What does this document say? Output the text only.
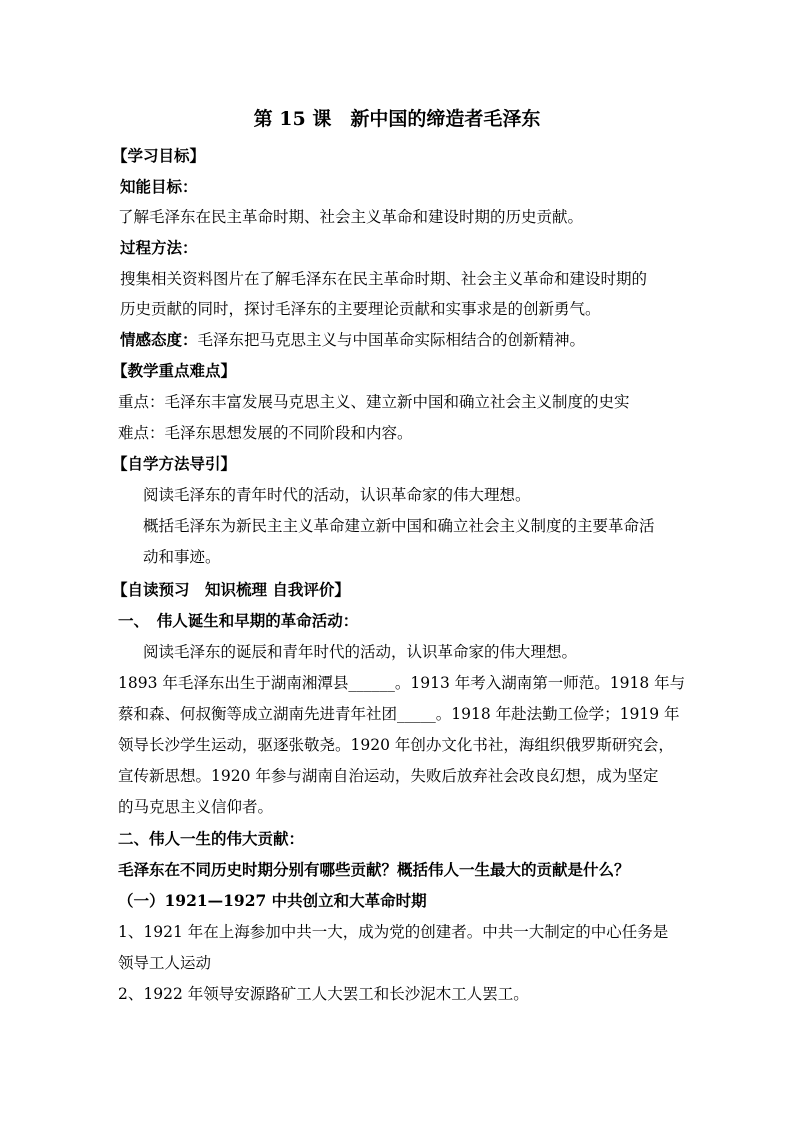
第 15 课　新中国的缔造者毛泽东
【学习目标】
知能目标：
了解毛泽东在民主革命时期、社会主义革命和建设时期的历史贡献。
过程方法：
搜集相关资料图片在了解毛泽东在民主革命时期、社会主义革命和建设时期的
历史贡献的同时，探讨毛泽东的主要理论贡献和实事求是的创新勇气。
情感态度：毛泽东把马克思主义与中国革命实际相结合的创新精神。
【教学重点难点】
重点：毛泽东丰富发展马克思主义、建立新中国和确立社会主义制度的史实
难点：毛泽东思想发展的不同阶段和内容。
【自学方法导引】
阅读毛泽东的青年时代的活动，认识革命家的伟大理想。
概括毛泽东为新民主主义革命建立新中国和确立社会主义制度的主要革命活
动和事迹。
【自读预习　知识梳理 自我评价】
一、　伟人诞生和早期的革命活动：
阅读毛泽东的诞辰和青年时代的活动，认识革命家的伟大理想。
1893 年毛泽东出生于湖南湘潭县______。1913 年考入湖南第一师范。1918 年与
蔡和森、何叔衡等成立湖南先进青年社团_____。1918 年赴法勤工俭学；1919 年
领导长沙学生运动，驱逐张敬尧。1920 年创办文化书社，海组织俄罗斯研究会，
宣传新思想。1920 年参与湖南自治运动，失败后放弃社会改良幻想，成为坚定
的马克思主义信仰者。
二、伟人一生的伟大贡献：
毛泽东在不同历史时期分别有哪些贡献？概括伟人一生最大的贡献是什么？
（一）1921—1927 中共创立和大革命时期
1、1921 年在上海参加中共一大，成为党的创建者。中共一大制定的中心任务是
领导工人运动
2、1922 年领导安源路矿工人大罢工和长沙泥木工人罢工。
